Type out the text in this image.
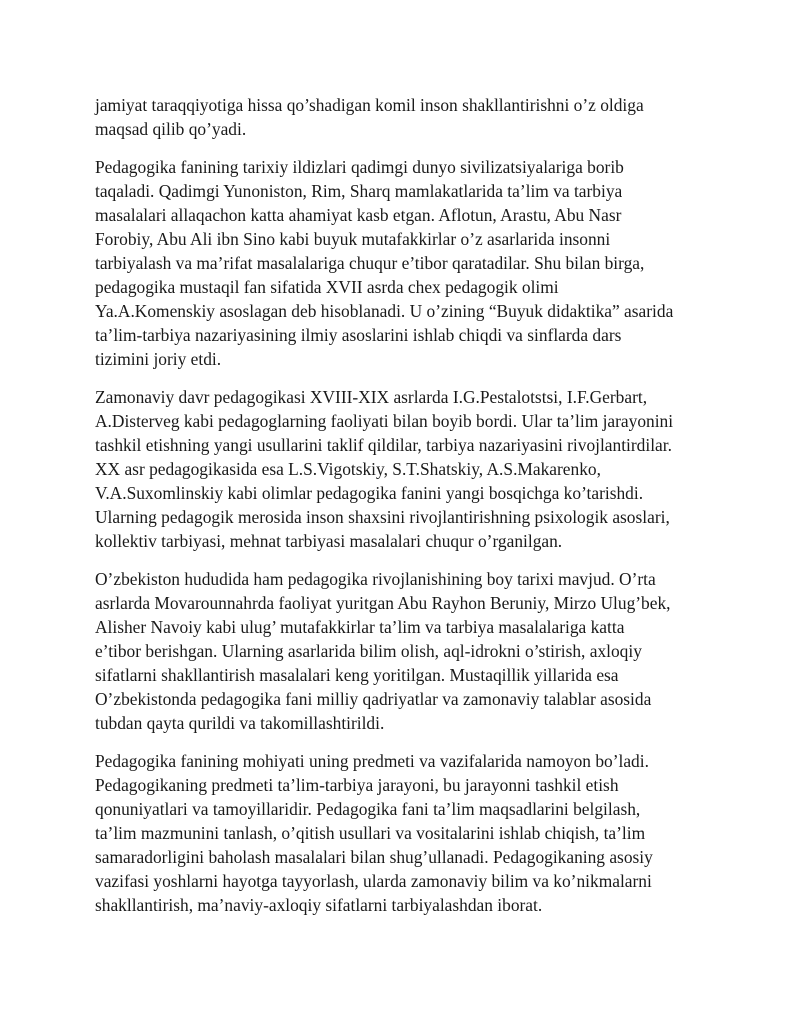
jamiyat taraqqiyotiga hissa qo’shadigan komil inson shakllantirishni o’z oldiga
maqsad qilib qo’yadi.

Pedagogika fanining tarixiy ildizlari qadimgi dunyo sivilizatsiyalariga borib
taqaladi. Qadimgi Yunoniston, Rim, Sharq mamlakatlarida ta’lim va tarbiya
masalalari allaqachon katta ahamiyat kasb etgan. Aflotun, Arastu, Abu Nasr
Forobiy, Abu Ali ibn Sino kabi buyuk mutafakkirlar o’z asarlarida insonni
tarbiyalash va ma’rifat masalalariga chuqur e’tibor qaratadilar. Shu bilan birga,
pedagogika mustaqil fan sifatida XVII asrda chex pedagogik olimi
Ya.A.Komenskiy asoslagan deb hisoblanadi. U o’zining “Buyuk didaktika” asarida
ta’lim-tarbiya nazariyasining ilmiy asoslarini ishlab chiqdi va sinflarda dars
tizimini joriy etdi.

Zamonaviy davr pedagogikasi XVIII-XIX asrlarda I.G.Pestalotstsi, I.F.Gerbart,
A.Disterveg kabi pedagoglarning faoliyati bilan boyib bordi. Ular ta’lim jarayonini
tashkil etishning yangi usullarini taklif qildilar, tarbiya nazariyasini rivojlantirdilar.
XX asr pedagogikasida esa L.S.Vigotskiy, S.T.Shatskiy, A.S.Makarenko,
V.A.Suxomlinskiy kabi olimlar pedagogika fanini yangi bosqichga ko’tarishdi.
Ularning pedagogik merosida inson shaxsini rivojlantirishning psixologik asoslari,
kollektiv tarbiyasi, mehnat tarbiyasi masalalari chuqur o’rganilgan.

O’zbekiston hududida ham pedagogika rivojlanishining boy tarixi mavjud. O’rta
asrlarda Movarounnahrda faoliyat yuritgan Abu Rayhon Beruniy, Mirzo Ulug’bek,
Alisher Navoiy kabi ulug’ mutafakkirlar ta’lim va tarbiya masalalariga katta
e’tibor berishgan. Ularning asarlarida bilim olish, aql-idrokni o’stirish, axloqiy
sifatlarni shakllantirish masalalari keng yoritilgan. Mustaqillik yillarida esa
O’zbekistonda pedagogika fani milliy qadriyatlar va zamonaviy talablar asosida
tubdan qayta qurildi va takomillashtirildi.

Pedagogika fanining mohiyati uning predmeti va vazifalarida namoyon bo’ladi.
Pedagogikaning predmeti ta’lim-tarbiya jarayoni, bu jarayonni tashkil etish
qonuniyatlari va tamoyillaridir. Pedagogika fani ta’lim maqsadlarini belgilash,
ta’lim mazmunini tanlash, o’qitish usullari va vositalarini ishlab chiqish, ta’lim
samaradorligini baholash masalalari bilan shug’ullanadi. Pedagogikaning asosiy
vazifasi yoshlarni hayotga tayyorlash, ularda zamonaviy bilim va ko’nikmalarni
shakllantirish, ma’naviy-axloqiy sifatlarni tarbiyalashdan iborat.
